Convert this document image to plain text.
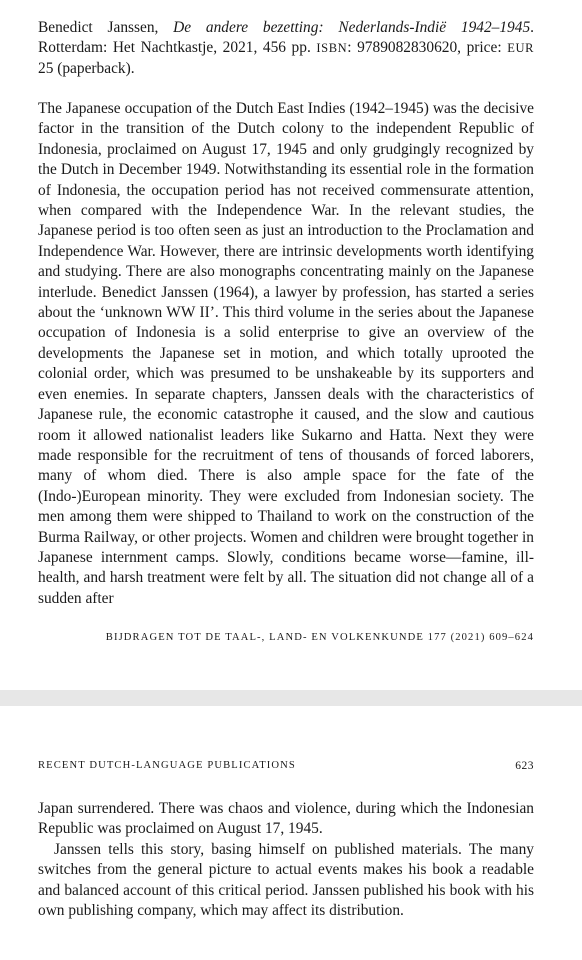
Benedict Janssen, De andere bezetting: Nederlands-Indië 1942–1945. Rotterdam: Het Nachtkastje, 2021, 456 pp. ISBN: 9789082830620, price: EUR 25 (paperback).

The Japanese occupation of the Dutch East Indies (1942–1945) was the decisive factor in the transition of the Dutch colony to the independent Republic of Indonesia, proclaimed on August 17, 1945 and only grudgingly recognized by the Dutch in December 1949. Notwithstanding its essential role in the formation of Indonesia, the occupation period has not received commensurate attention, when compared with the Independence War. In the relevant studies, the Japanese period is too often seen as just an introduction to the Proclamation and Independence War. However, there are intrinsic developments worth identifying and studying. There are also monographs concentrating mainly on the Japanese interlude. Benedict Janssen (1964), a lawyer by profession, has started a series about the ‘unknown WW II’. This third volume in the series about the Japanese occupation of Indonesia is a solid enterprise to give an overview of the developments the Japanese set in motion, and which totally uprooted the colonial order, which was presumed to be unshakeable by its supporters and even enemies. In separate chapters, Janssen deals with the characteristics of Japanese rule, the economic catastrophe it caused, and the slow and cautious room it allowed nationalist leaders like Sukarno and Hatta. Next they were made responsible for the recruitment of tens of thousands of forced laborers, many of whom died. There is also ample space for the fate of the (Indo-)European minority. They were excluded from Indonesian society. The men among them were shipped to Thailand to work on the construction of the Burma Railway, or other projects. Women and children were brought together in Japanese internment camps. Slowly, conditions became worse—famine, ill-health, and harsh treatment were felt by all. The situation did not change all of a sudden after

BIJDRAGEN TOT DE TAAL-, LAND- EN VOLKENKUNDE 177 (2021) 609–624
RECENT DUTCH-LANGUAGE PUBLICATIONS	623

Japan surrendered. There was chaos and violence, during which the Indonesian Republic was proclaimed on August 17, 1945.

Janssen tells this story, basing himself on published materials. The many switches from the general picture to actual events makes his book a readable and balanced account of this critical period. Janssen published his book with his own publishing company, which may affect its distribution.
